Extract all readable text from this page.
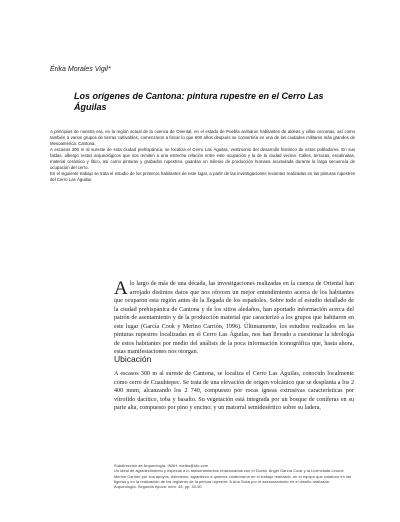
Érika Morales Vigil*
Los orígenes de Cantona: pintura rupestre en el Cerro Las Águilas

A principios de nuestra era, en la región actual de la cuenca de Oriental, en el estado de Puebla arribaron habitantes de aldeas y villas cercanas, así como también a varios grupos de tierras cultivables, comenzaron a fincar lo que 600 años después se convertiría en una de las ciudades militares más grandes de Mesoamérica: Cantona.

A escasos 300 m al sureste de esta ciudad prehispánica, se localiza el Cerro Las Águilas, vestimonio del desarrollo histórico de estos pobladores. En sus faldas, albergo restos arqueológicos que nos remiten a una estrecha relación entre este ocupación y la de la ciudad vecina. Calles, terrazas, escalinatas, material cerámico y lítico, así como pinturas y grabados rupestres, guardan un milenio de producción humana acumulada durante la larga secuencia de ocupación del cerro.

En el siguiente trabajo se trata el estudio de los primeros habitantes de este lugar, a partir de las investigaciones recientes realizadas en las pinturas rupestres del Cerro Las Águilas.

A lo largo de más de una década, las investigaciones realizadas en la cuenca de Oriental han arrojado distintos datos que nos ofrecen un mejor entendimiento acerca de los habitantes que ocuparon esta región antes de la llegada de los españoles. Sobre todo el estudio detallado de la ciudad prehispánica de Cantona y de los sitios aledaños, han aportado información acerca del patrón de asentamiento y de la producción material que caracterizó a los grupos que habitaron en este lugar (García Cook y Merino Carrión, 1996). Últimamente, los estudios realizados en las pinturas rupestres localizadas en el Cerro Las Águilas, nos han llevado a cuestionar la ideología de estos habitantes por medio del análisis de la poca información iconográfica que, hasta ahora, estas manifestaciones nos otorgan.
Ubicación
A escasos 300 m al sureste de Cantona, se localiza el Cerro Las Águilas, conocido localmente como cerro de Cuauhtepec. Se trata de una elevación de origen volcánico que se desplanta a los 2 400 mnm, alcanzando los 2 740, compuesto por rocas ígneas extrusivas características por vítrofido dacítico, toba y basalto. Su vegetación está integrada por un bosque de coníferas en su parte alta, compuesto por pino y encino; y un matorral semidesértico sobre su ladera,
Subdirección de Arqueología, INAH. melbu@ido.com
Un ideal de agradecimiento y especial a lo asesoramientos relacionados con el Doctor Ángel García Cook y la Licenciada Leonor Merino Carrión por sus apoyos. Asimismo, agradezco a quienes colaboraron en el trabajo realizado, en el equipo que colaboró en las figuras y en la realización de los registros de la pintura rupestre. A Ana Sosa por el asesoramiento en el diseño realizado.
Arqueología. Segunda época, núm. 43, pp. 30-50
